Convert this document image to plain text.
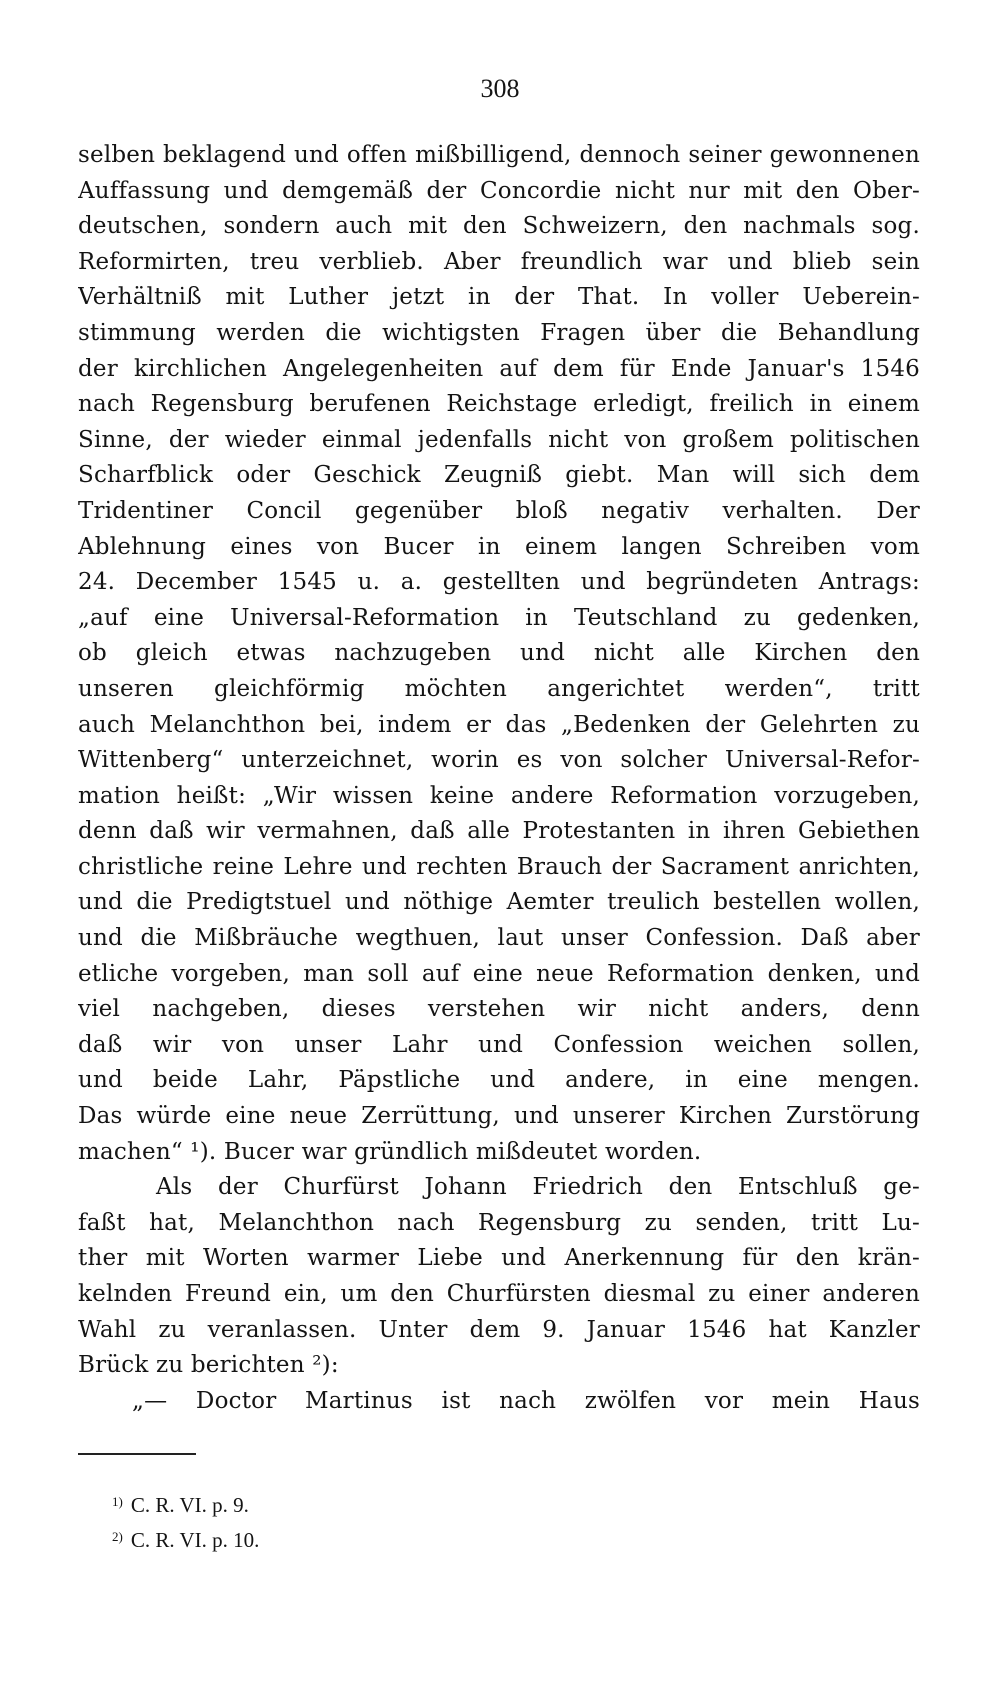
308
selben beklagend und offen mißbilligend, dennoch seiner gewonnenen
Auffassung und demgemäß der Concordie nicht nur mit den Ober-
deutschen, sondern auch mit den Schweizern, den nachmals sog.
Reformirten, treu verblieb. Aber freundlich war und blieb sein
Verhältniß mit Luther jetzt in der That. In voller Ueberein-
stimmung werden die wichtigsten Fragen über die Behandlung
der kirchlichen Angelegenheiten auf dem für Ende Januar's 1546
nach Regensburg berufenen Reichstage erledigt, freilich in einem
Sinne, der wieder einmal jedenfalls nicht von großem politischen
Scharfblick oder Geschick Zeugniß giebt. Man will sich dem
Tridentiner Concil gegenüber bloß negativ verhalten. Der
Ablehnung eines von Bucer in einem langen Schreiben vom
24. December 1545 u. a. gestellten und begründeten Antrags:
„auf eine Universal-Reformation in Teutschland zu gedenken,
ob gleich etwas nachzugeben und nicht alle Kirchen den
unseren gleichförmig möchten angerichtet werden“, tritt
auch Melanchthon bei, indem er das „Bedenken der Gelehrten zu
Wittenberg“ unterzeichnet, worin es von solcher Universal-Refor-
mation heißt: „Wir wissen keine andere Reformation vorzugeben,
denn daß wir vermahnen, daß alle Protestanten in ihren Gebiethen
christliche reine Lehre und rechten Brauch der Sacrament anrichten,
und die Predigtstuel und nöthige Aemter treulich bestellen wollen,
und die Mißbräuche wegthuen, laut unser Confession. Daß aber
etliche vorgeben, man soll auf eine neue Reformation denken, und
viel nachgeben, dieses verstehen wir nicht anders, denn
daß wir von unser Lahr und Confession weichen sollen,
und beide Lahr, Päpstliche und andere, in eine mengen.
Das würde eine neue Zerrüttung, und unserer Kirchen Zurstörung
machen“ ¹). Bucer war gründlich mißdeutet worden.
Als der Churfürst Johann Friedrich den Entschluß ge-
faßt hat, Melanchthon nach Regensburg zu senden, tritt Lu-
ther mit Worten warmer Liebe und Anerkennung für den krän-
kelnden Freund ein, um den Churfürsten diesmal zu einer anderen
Wahl zu veranlassen. Unter dem 9. Januar 1546 hat Kanzler
Brück zu berichten ²):
„— Doctor Martinus ist nach zwölfen vor mein Haus
$^{1)}$ C. R. VI. p. 9.
$^{2)}$ C. R. VI. p. 10.
